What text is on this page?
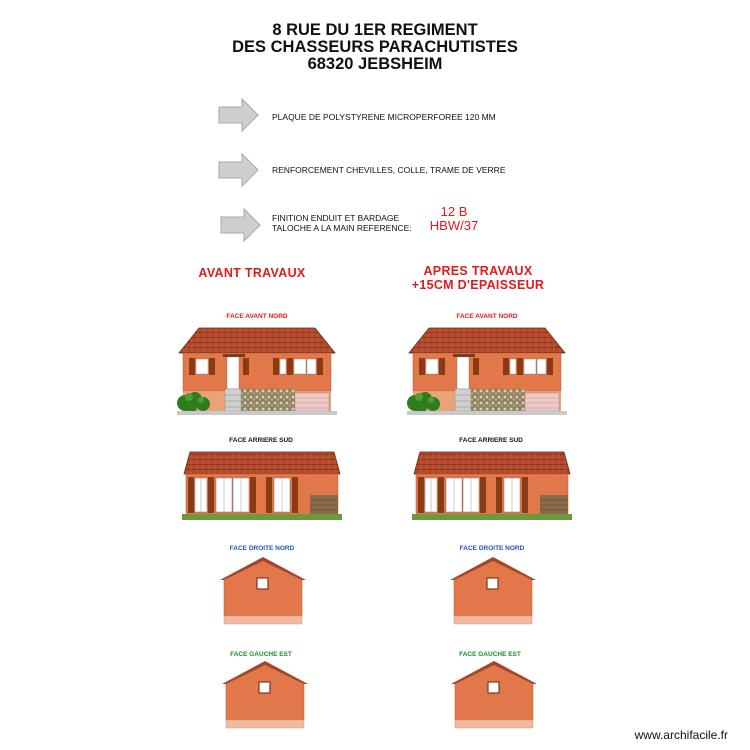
8 RUE DU 1ER REGIMENT
DES CHASSEURS PARACHUTISTES
68320 JEBSHEIM
PLAQUE DE POLYSTYRENE MICROPERFOREE 120 MM
RENFORCEMENT CHEVILLES, COLLE, TRAME DE VERRE
FINITION ENDUIT ET BARDAGE
TALOCHE A LA MAIN REFERENCE:
12 B
HBW/37
AVANT TRAVAUX	APRES TRAVAUX
+15CM D'EPAISSEUR
FACE AVANT NORD
FACE ARRIERE SUD
FACE DROITE NORD
FACE GAUCHE EST
FACE AVANT NORD
FACE ARRIERE SUD
FACE DROITE NORD
FACE GAUCHE EST
www.archifacile.fr
